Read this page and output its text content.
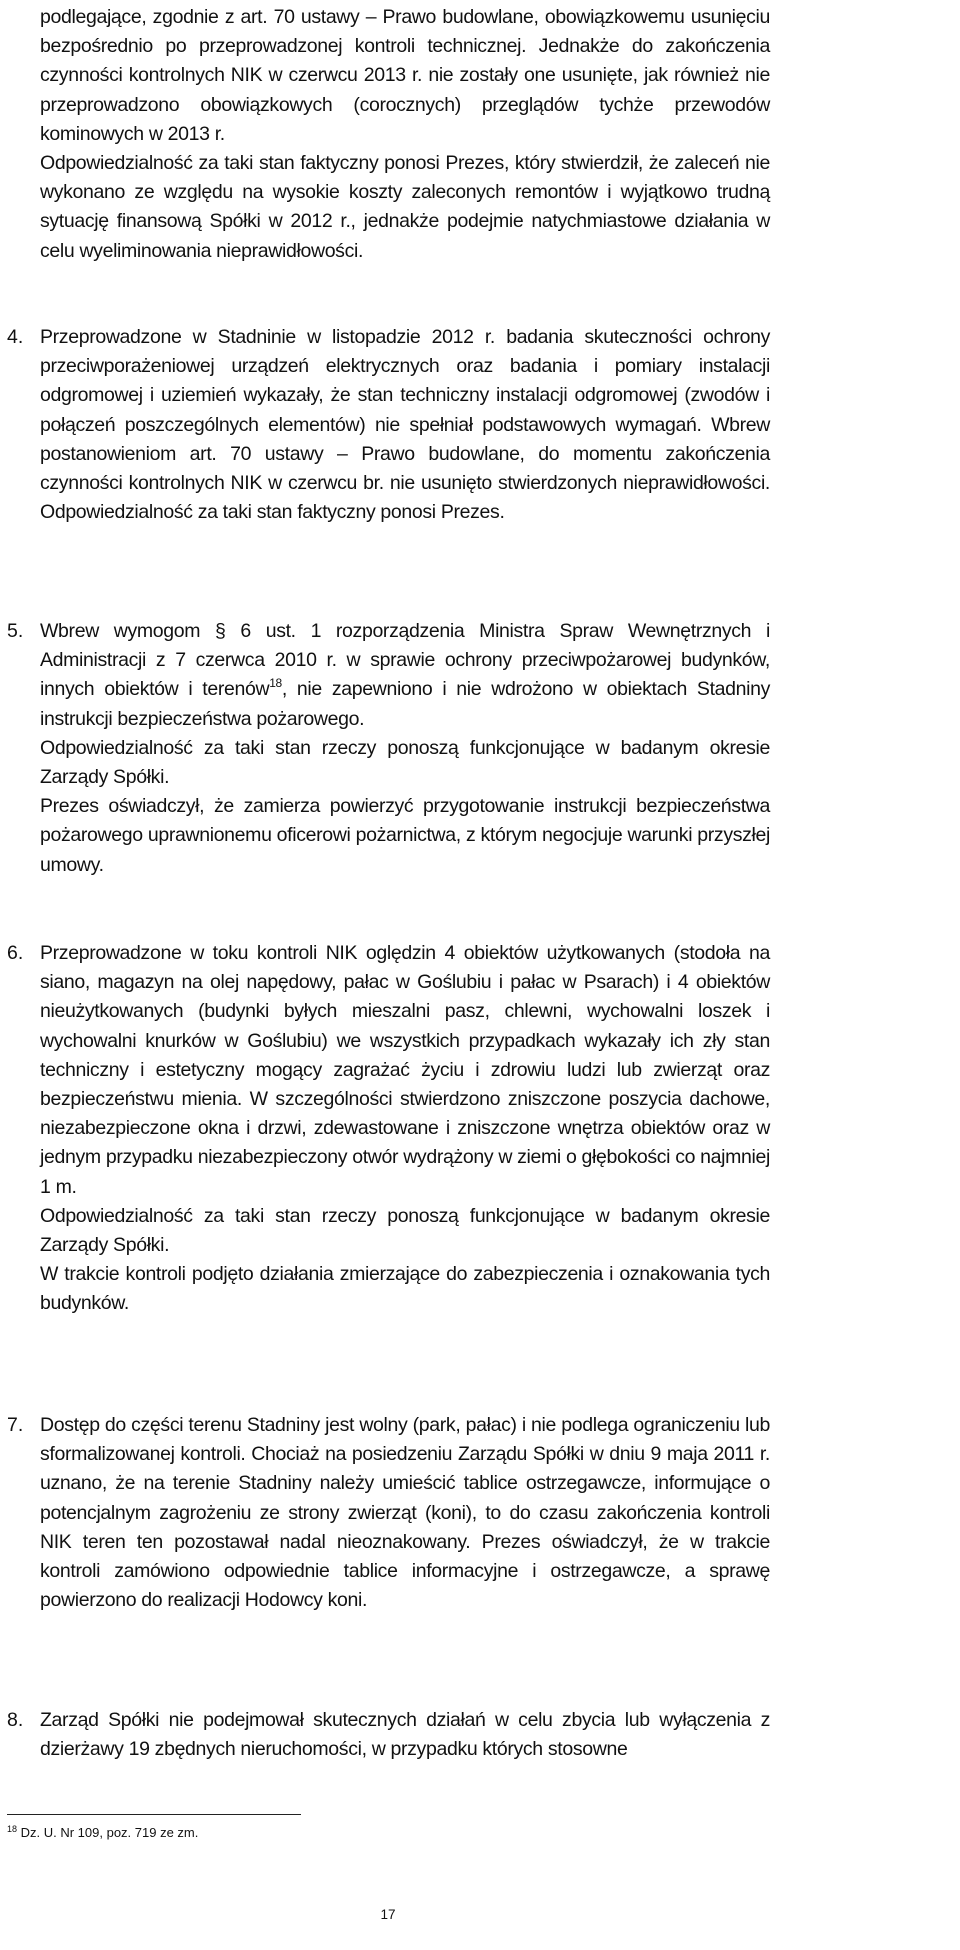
podlegające, zgodnie z art. 70 ustawy – Prawo budowlane, obowiązkowemu usunięciu bezpośrednio po przeprowadzonej kontroli technicznej. Jednakże do zakończenia czynności kontrolnych NIK w czerwcu 2013 r. nie zostały one usunięte, jak również nie przeprowadzono obowiązkowych (corocznych) przeglądów tychże przewodów kominowych w 2013 r.

Odpowiedzialność za taki stan faktyczny ponosi Prezes, który stwierdził, że zaleceń nie wykonano ze względu na wysokie koszty zaleconych remontów i wyjątkowo trudną sytuację finansową Spółki w 2012 r., jednakże podejmie natychmiastowe działania w celu wyeliminowania nieprawidłowości.

4. Przeprowadzone w Stadninie w listopadzie 2012 r. badania skuteczności ochrony przeciwporażeniowej urządzeń elektrycznych oraz badania i pomiary instalacji odgromowej i uziemień wykazały, że stan techniczny instalacji odgromowej (zwodów i połączeń poszczególnych elementów) nie spełniał podstawowych wymagań. Wbrew postanowieniom art. 70 ustawy – Prawo budowlane, do momentu zakończenia czynności kontrolnych NIK w czerwcu br. nie usunięto stwierdzonych nieprawidłowości. Odpowiedzialność za taki stan faktyczny ponosi Prezes.

5. Wbrew wymogom § 6 ust. 1 rozporządzenia Ministra Spraw Wewnętrznych i Administracji z 7 czerwca 2010 r. w sprawie ochrony przeciwpożarowej budynków, innych obiektów i terenów$^{18}$, nie zapewniono i nie wdrożono w obiektach Stadniny instrukcji bezpieczeństwa pożarowego.

Odpowiedzialność za taki stan rzeczy ponoszą funkcjonujące w badanym okresie Zarządy Spółki.

Prezes oświadczył, że zamierza powierzyć przygotowanie instrukcji bezpieczeństwa pożarowego uprawnionemu oficerowi pożarnictwa, z którym negocjuje warunki przyszłej umowy.

6. Przeprowadzone w toku kontroli NIK oględzin 4 obiektów użytkowanych (stodoła na siano, magazyn na olej napędowy, pałac w Goślubiu i pałac w Psarach) i 4 obiektów nieużytkowanych (budynki byłych mieszalni pasz, chlewni, wychowalni loszek i wychowalni knurków w Goślubiu) we wszystkich przypadkach wykazały ich zły stan techniczny i estetyczny mogący zagrażać życiu i zdrowiu ludzi lub zwierząt oraz bezpieczeństwu mienia. W szczególności stwierdzono zniszczone poszycia dachowe, niezabezpieczone okna i drzwi, zdewastowane i zniszczone wnętrza obiektów oraz w jednym przypadku niezabezpieczony otwór wydrążony w ziemi o głębokości co najmniej 1 m.

Odpowiedzialność za taki stan rzeczy ponoszą funkcjonujące w badanym okresie Zarządy Spółki.

W trakcie kontroli podjęto działania zmierzające do zabezpieczenia i oznakowania tych budynków.

7. Dostęp do części terenu Stadniny jest wolny (park, pałac) i nie podlega ograniczeniu lub sformalizowanej kontroli. Chociaż na posiedzeniu Zarządu Spółki w dniu 9 maja 2011 r. uznano, że na terenie Stadniny należy umieścić tablice ostrzegawcze, informujące o potencjalnym zagrożeniu ze strony zwierząt (koni), to do czasu zakończenia kontroli NIK teren ten pozostawał nadal nieoznakowany. Prezes oświadczył, że w trakcie kontroli zamówiono odpowiednie tablice informacyjne i ostrzegawcze, a sprawę powierzono do realizacji Hodowcy koni.

8. Zarząd Spółki nie podejmował skutecznych działań w celu zbycia lub wyłączenia z dzierżawy 19 zbędnych nieruchomości, w przypadku których stosowne

$^{18}$ Dz. U. Nr 109, poz. 719 ze zm.
17
